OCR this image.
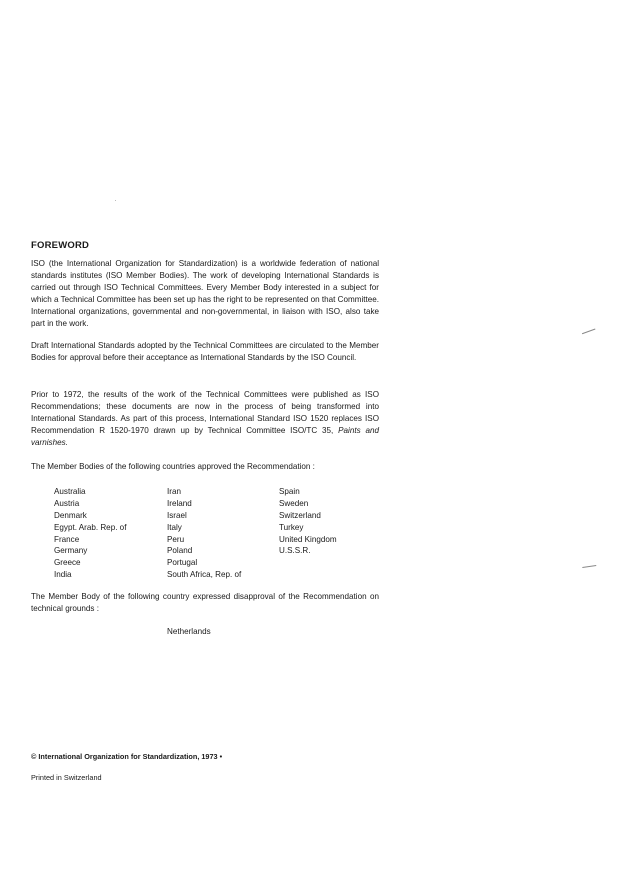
FOREWORD
ISO (the International Organization for Standardization) is a worldwide federation of national standards institutes (ISO Member Bodies). The work of developing International Standards is carried out through ISO Technical Committees. Every Member Body interested in a subject for which a Technical Committee has been set up has the right to be represented on that Committee. International organizations, governmental and non-governmental, in liaison with ISO, also take part in the work.
Draft International Standards adopted by the Technical Committees are circulated to the Member Bodies for approval before their acceptance as International Standards by the ISO Council.
Prior to 1972, the results of the work of the Technical Committees were published as ISO Recommendations; these documents are now in the process of being transformed into International Standards. As part of this process, International Standard ISO 1520 replaces ISO Recommendation R 1520-1970 drawn up by Technical Committee ISO/TC 35, Paints and varnishes.
The Member Bodies of the following countries approved the Recommendation :
Australia
Austria
Denmark
Egypt. Arab. Rep. of
France
Germany
Greece
India
Iran
Ireland
Israel
Italy
Peru
Poland
Portugal
South Africa, Rep. of
Spain
Sweden
Switzerland
Turkey
United Kingdom
U.S.S.R.
The Member Body of the following country expressed disapproval of the Recommendation on technical grounds :
Netherlands
© International Organization for Standardization, 1973 •
Printed in Switzerland
